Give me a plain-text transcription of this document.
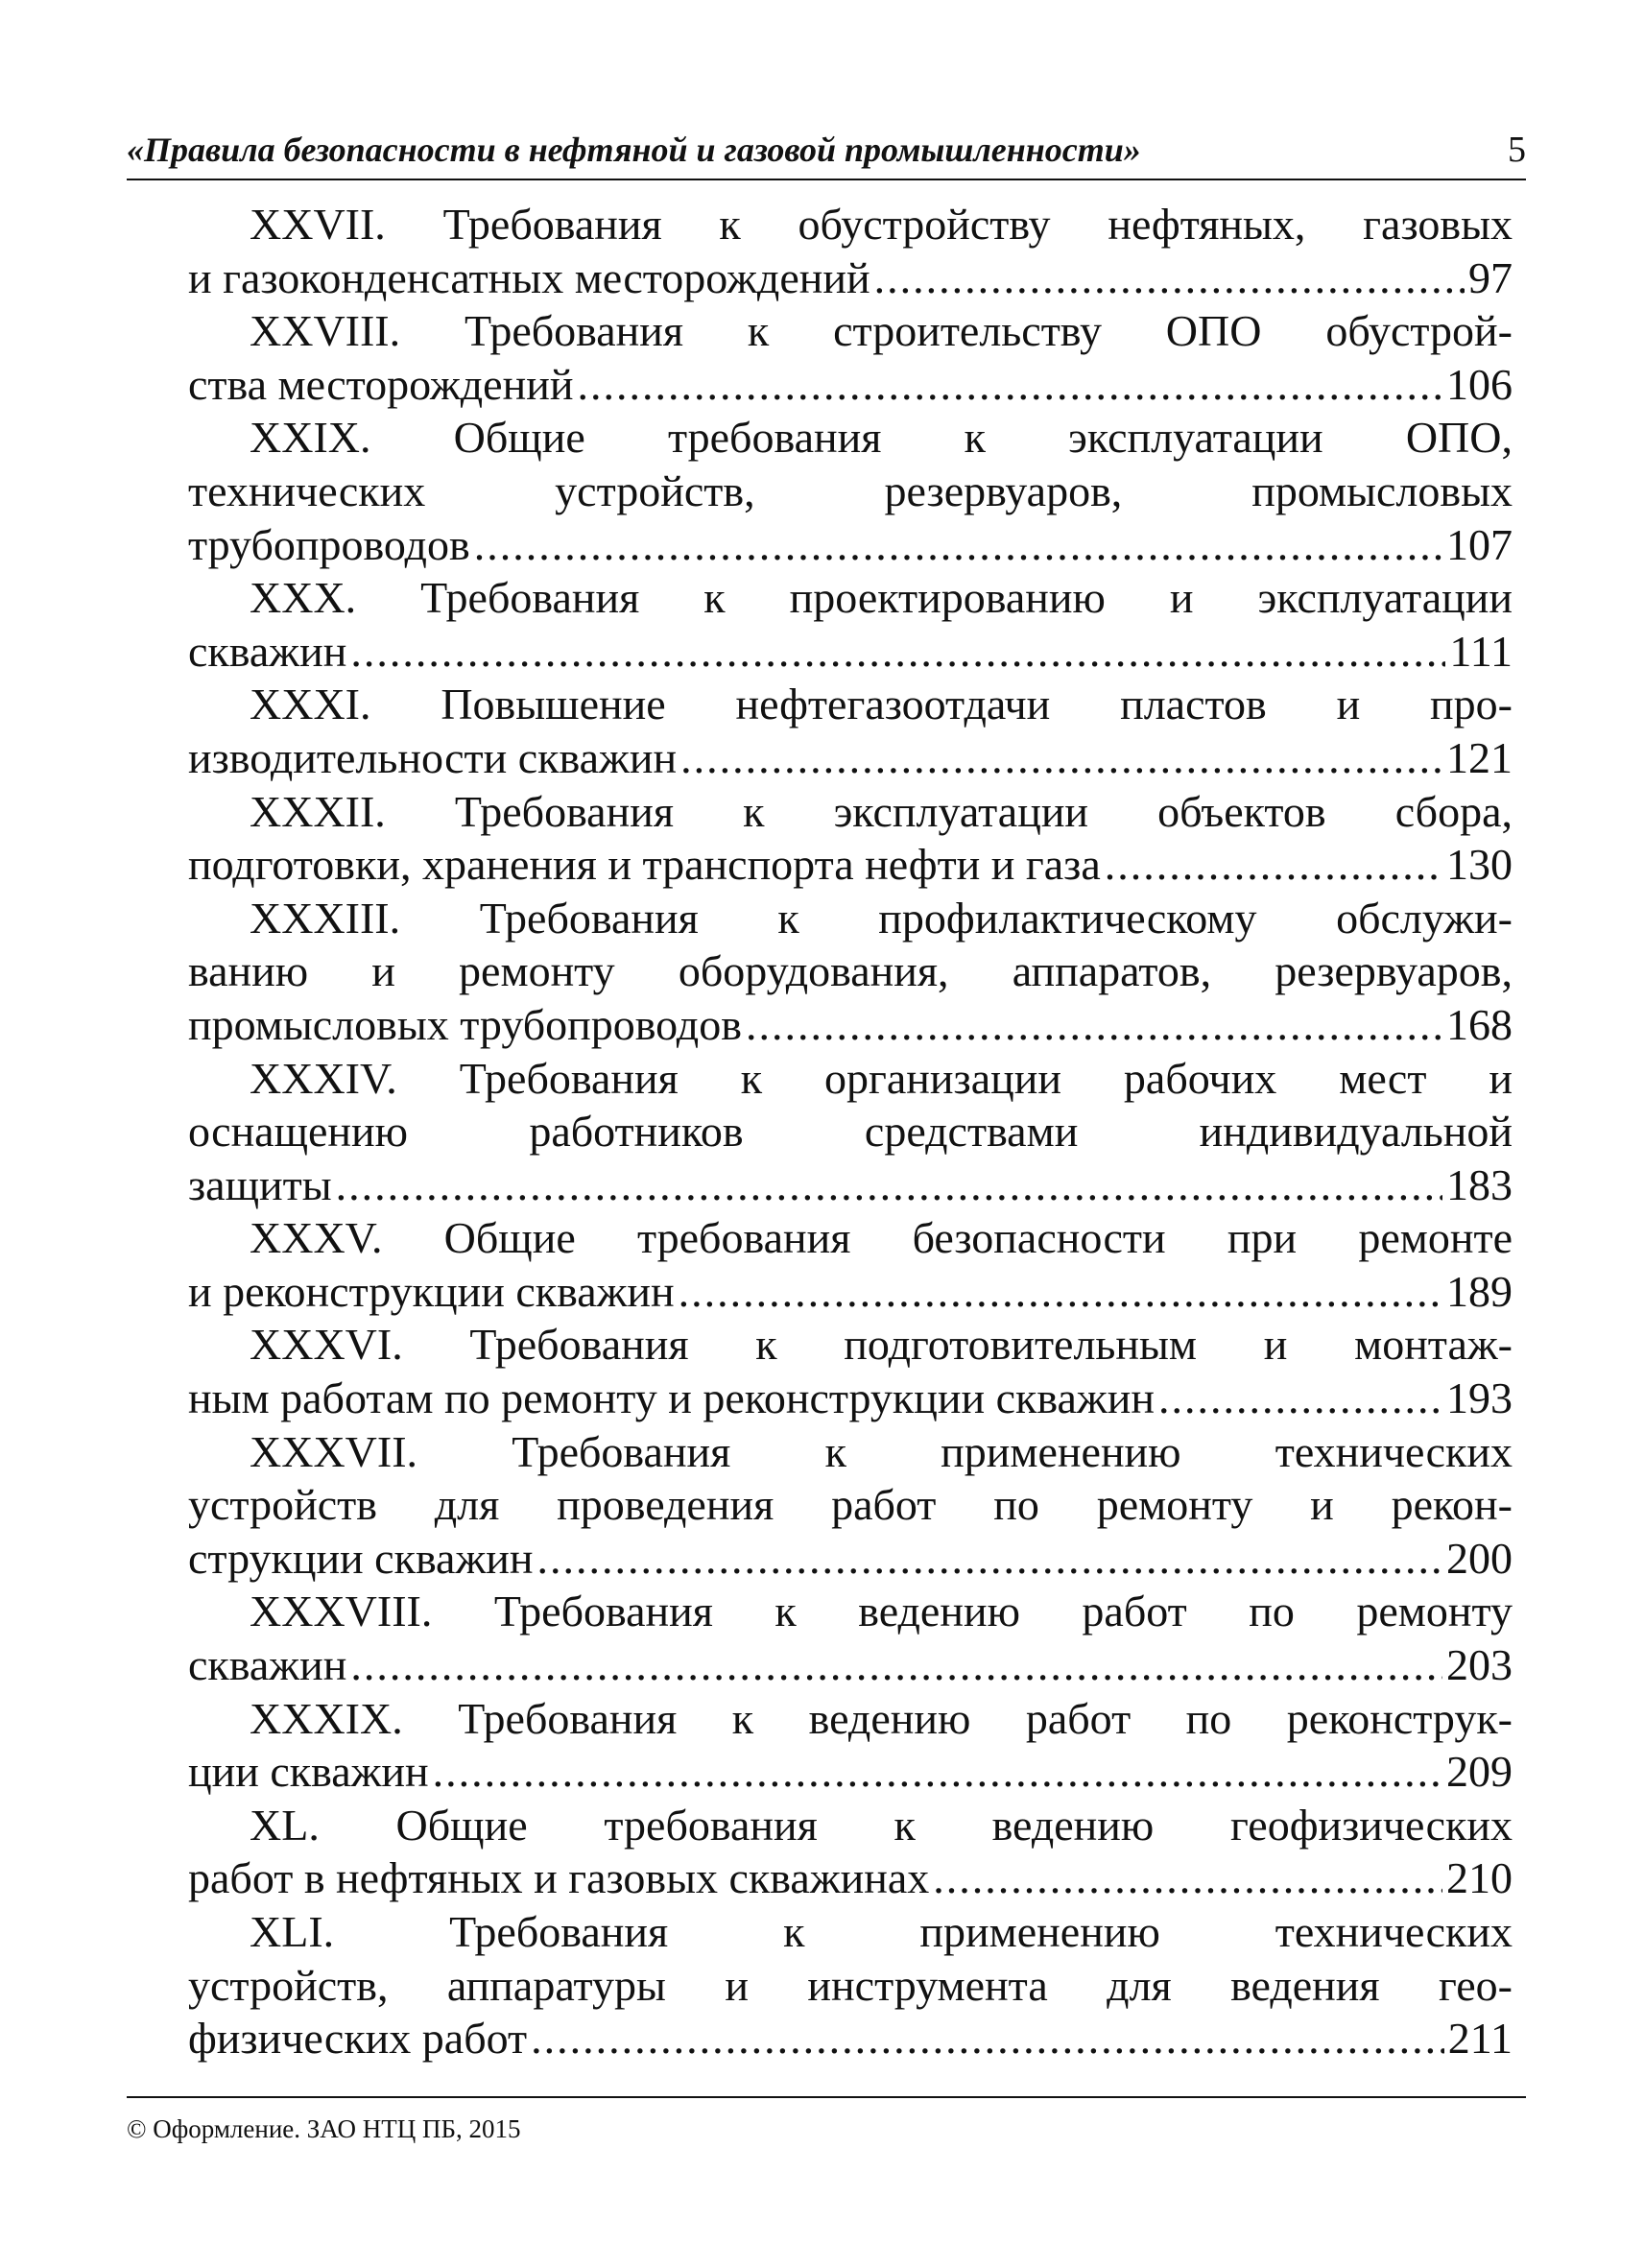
«Правила безопасности в нефтяной и газовой промышленности»	5
XXVII. Требования к обустройству нефтяных, газовых
и газоконденсатных месторождений .....	97
XXVIII. Требования к строительству ОПО обустрой-
ства месторождений .....	106
XXIX. Общие требования к эксплуатации ОПО,
технических устройств, резервуаров, промысловых
трубопроводов .....	107
XXX. Требования к проектированию и эксплуатации
скважин .....	111
XXXI. Повышение нефтегазоотдачи пластов и про-
изводительности скважин .....	121
XXXII. Требования к эксплуатации объектов сбора,
подготовки, хранения и транспорта нефти и газа .....	130
XXXIII. Требования к профилактическому обслужи-
ванию и ремонту оборудования, аппаратов, резервуаров,
промысловых трубопроводов .....	168
XXXIV. Требования к организации рабочих мест и
оснащению работников средствами индивидуальной
защиты .....	183
XXXV. Общие требования безопасности при ремонте
и реконструкции скважин .....	189
XXXVI. Требования к подготовительным и монтаж-
ным работам по ремонту и реконструкции скважин .....	193
XXXVII. Требования к применению технических
устройств для проведения работ по ремонту и рекон-
струкции скважин .....	200
XXXVIII. Требования к ведению работ по ремонту
скважин .....	203
XXXIX. Требования к ведению работ по реконструк-
ции скважин .....	209
XL. Общие требования к ведению геофизических
работ в нефтяных и газовых скважинах .....	210
XLI. Требования к применению технических
устройств, аппаратуры и инструмента для ведения гео-
физических работ .....	211
© Оформление. ЗАО НТЦ ПБ, 2015
